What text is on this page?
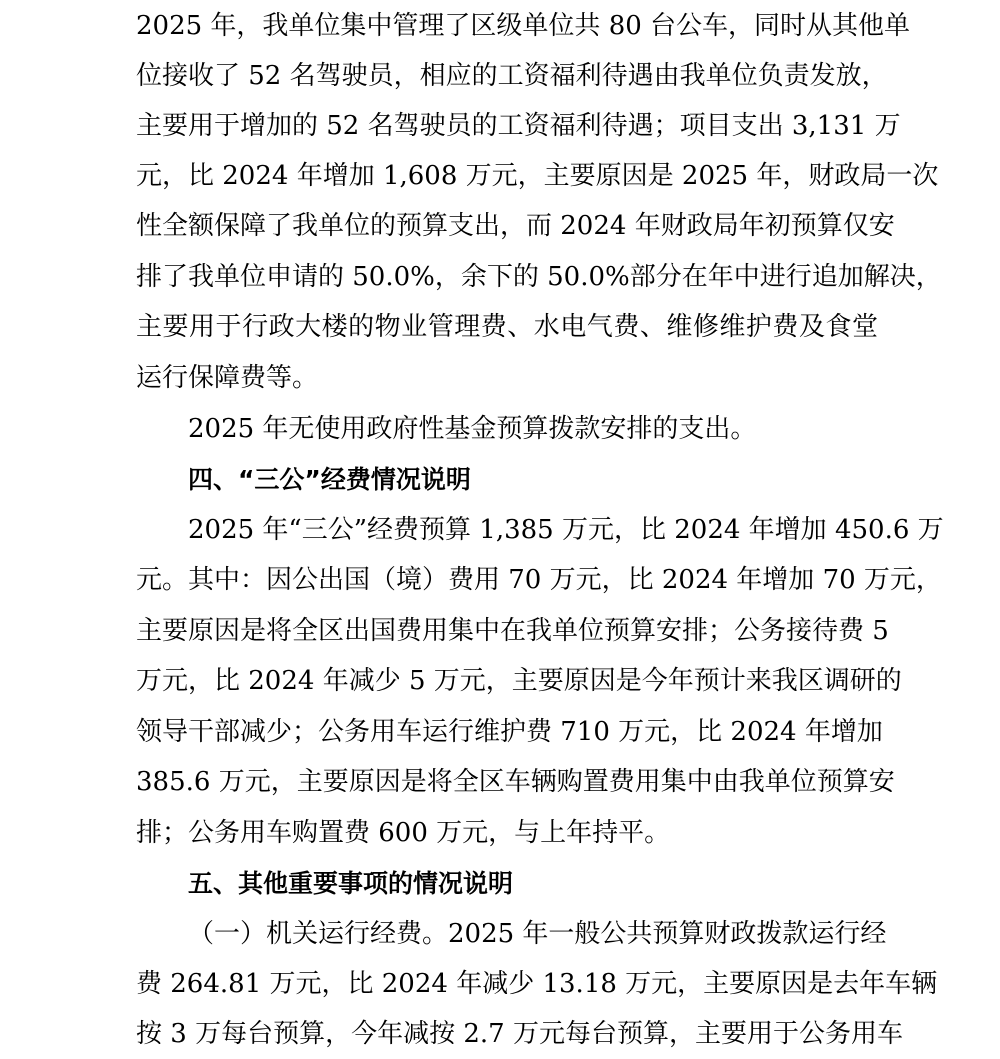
2025 年，我单位集中管理了区级单位共 80 台公车，同时从其他单
位接收了 52 名驾驶员，相应的工资福利待遇由我单位负责发放，
主要用于增加的 52 名驾驶员的工资福利待遇；项目支出 3,131 万
元，比 2024 年增加 1,608 万元，主要原因是 2025 年，财政局一次
性全额保障了我单位的预算支出，而 2024 年财政局年初预算仅安
排了我单位申请的 50.0%，余下的 50.0%部分在年中进行追加解决，
主要用于行政大楼的物业管理费、水电气费、维修维护费及食堂
运行保障费等。
2025 年无使用政府性基金预算拨款安排的支出。
四、“三公”经费情况说明
2025 年“三公”经费预算 1,385 万元，比 2024 年增加 450.6 万
元。其中：因公出国（境）费用 70 万元，比 2024 年增加 70 万元，
主要原因是将全区出国费用集中在我单位预算安排；公务接待费 5
万元，比 2024 年减少 5 万元，主要原因是今年预计来我区调研的
领导干部减少；公务用车运行维护费 710 万元，比 2024 年增加
385.6 万元，主要原因是将全区车辆购置费用集中由我单位预算安
排；公务用车购置费 600 万元，与上年持平。
五、其他重要事项的情况说明
（一）机关运行经费。2025 年一般公共预算财政拨款运行经
费 264.81 万元，比 2024 年减少 13.18 万元，主要原因是去年车辆
按 3 万每台预算，今年减按 2.7 万元每台预算，主要用于公务用车
